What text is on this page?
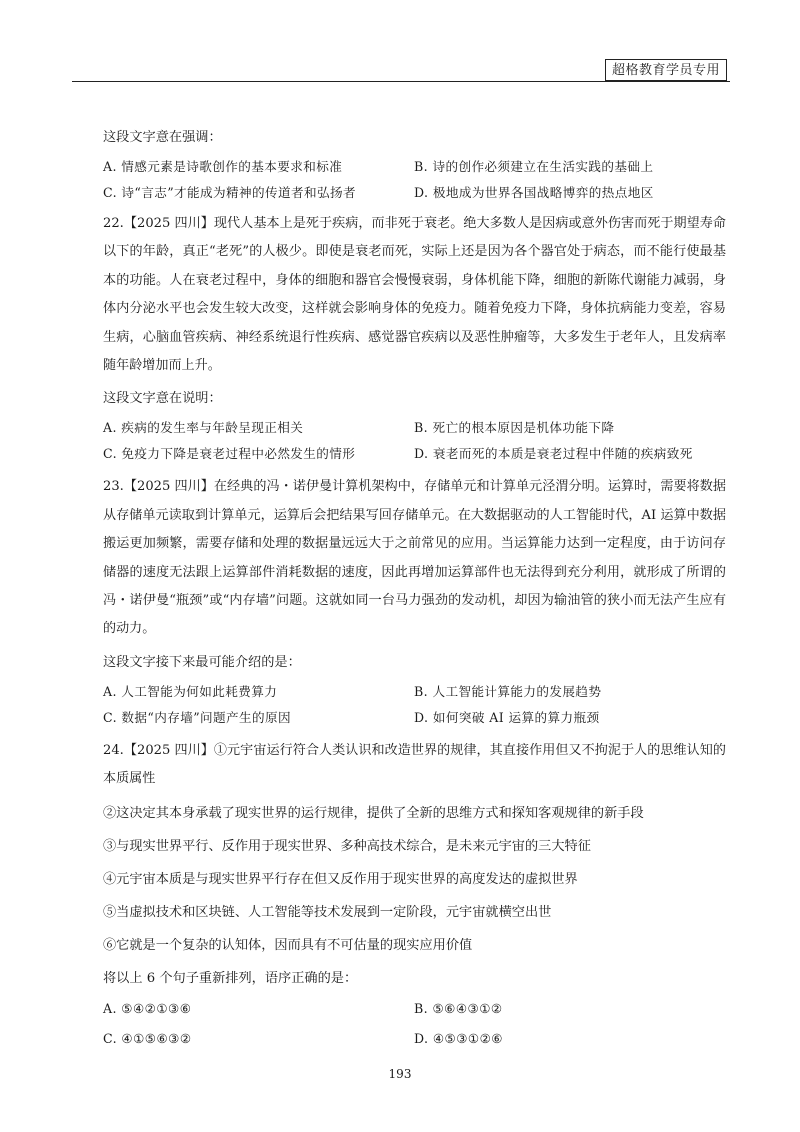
超格教育学员专用

这段文字意在强调：

A. 情感元素是诗歌创作的基本要求和标准	B. 诗的创作必须建立在生活实践的基础上
C. 诗“言志”才能成为精神的传道者和弘扬者	D. 极地成为世界各国战略博弈的热点地区

22.【2025 四川】现代人基本上是死于疾病，而非死于衰老。绝大多数人是因病或意外伤害而死于期望寿命以下的年龄，真正“老死”的人极少。即使是衰老而死，实际上还是因为各个器官处于病态，而不能行使最基本的功能。人在衰老过程中，身体的细胞和器官会慢慢衰弱，身体机能下降，细胞的新陈代谢能力减弱，身体内分泌水平也会发生较大改变，这样就会影响身体的免疫力。随着免疫力下降，身体抗病能力变差，容易生病，心脑血管疾病、神经系统退行性疾病、感觉器官疾病以及恶性肿瘤等，大多发生于老年人，且发病率随年龄增加而上升。

这段文字意在说明：

A. 疾病的发生率与年龄呈现正相关	B. 死亡的根本原因是机体功能下降
C. 免疫力下降是衰老过程中必然发生的情形	D. 衰老而死的本质是衰老过程中伴随的疾病致死

23.【2025 四川】在经典的冯・诺伊曼计算机架构中，存储单元和计算单元泾渭分明。运算时，需要将数据从存储单元读取到计算单元，运算后会把结果写回存储单元。在大数据驱动的人工智能时代，AI 运算中数据搬运更加频繁，需要存储和处理的数据量远远大于之前常见的应用。当运算能力达到一定程度，由于访问存储器的速度无法跟上运算部件消耗数据的速度，因此再增加运算部件也无法得到充分利用，就形成了所谓的冯・诺伊曼“瓶颈”或“内存墙”问题。这就如同一台马力强劲的发动机，却因为输油管的狭小而无法产生应有的动力。

这段文字接下来最可能介绍的是：

A. 人工智能为何如此耗费算力	B. 人工智能计算能力的发展趋势
C. 数据“内存墙”问题产生的原因	D. 如何突破 AI 运算的算力瓶颈

24.【2025 四川】①元宇宙运行符合人类认识和改造世界的规律，其直接作用但又不拘泥于人的思维认知的本质属性

②这决定其本身承载了现实世界的运行规律，提供了全新的思维方式和探知客观规律的新手段

③与现实世界平行、反作用于现实世界、多种高技术综合，是未来元宇宙的三大特征

④元宇宙本质是与现实世界平行存在但又反作用于现实世界的高度发达的虚拟世界

⑤当虚拟技术和区块链、人工智能等技术发展到一定阶段，元宇宙就横空出世

⑥它就是一个复杂的认知体，因而具有不可估量的现实应用价值

将以上 6 个句子重新排列，语序正确的是：

A. ⑤④②①③⑥	B. ⑤⑥④③①②
C. ④①⑤⑥③②	D. ④⑤③①②⑥
193
